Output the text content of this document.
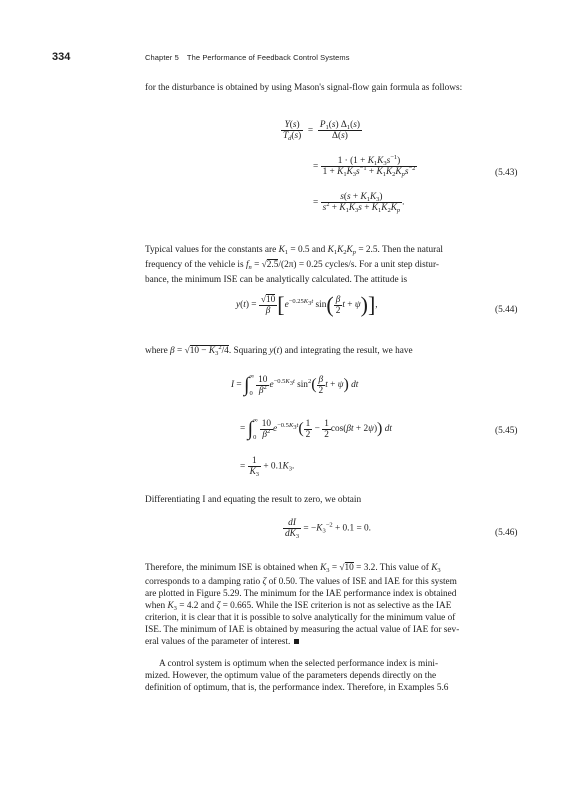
334	Chapter 5 The Performance of Feedback Control Systems

for the disturbance is obtained by using Mason's signal-flow gain formula as follows:

$\frac{Y(s)}{T_d(s)} = \frac{P_1(s) \Delta_1(s)}{\Delta(s)}$
= $\frac{1 \cdot (1 + K_1K_3s^{-1})}{1 + K_1K_3s^{-1} + K_1K_2K_ps^{-2}}$
= $\frac{s(s + K_1K_3)}{s^2 + K_1K_3s + K_1K_2K_p}$ .
(5.43)
Typical values for the constants are $K_1 = 0.5$ and $K_1K_2K_p = 2.5$. Then the natural
frequency of the vehicle is $f_n = √2.5/(2\pi) = 0.25$ cycles/s. For a unit step distur-
bance, the minimum ISE can be analytically calculated. The attitude is
$y(t) = \frac{√10}{\beta} [e^{-0.25K_3t}$ $\sin( \frac{\beta}{2}$ t + ψ)],	(5.44)
where $\beta = √10 - K_3^2/4$. Squaring y(t) and integrating the result, we have
I = ∫ ∞
$0 \frac{10}{\beta^2} e^{-0.5K_3t}$ $\sin^2( \frac{\beta}{2}$ t + ψ) dt
= ∫ ∞
$0 \frac{10}{\beta^2} e^{-0.5K_3t}( \frac{1}{2} - \frac{1}{2} \cos(\beta t + 2\psi))$ dt
= $\frac{1}{K_3} + 0.1K_3$.
(5.45)
Differentiating I and equating the result to zero, we obtain
$\frac{dI}{dK_3} = -K_3^{-2} + 0.1 = 0$.	(5.46)
Therefore, the minimum ISE is obtained when $K_3 = √10 = 3.2$. This value of $K_3$
corresponds to a damping ratio ζ of 0.50. The values of ISE and IAE for this system
are plotted in Figure 5.29. The minimum for the IAE performance index is obtained
when $K_3 = 4.2$ and ζ = 0.665. While the ISE criterion is not as selective as the IAE
criterion, it is clear that it is possible to solve analytically for the minimum value of
ISE. The minimum of IAE is obtained by measuring the actual value of IAE for sev-
eral values of the parameter of interest.
A control system is optimum when the selected performance index is mini-
mized. However, the optimum value of the parameters depends directly on the
definition of optimum, that is, the performance index. Therefore, in Examples 5.6
